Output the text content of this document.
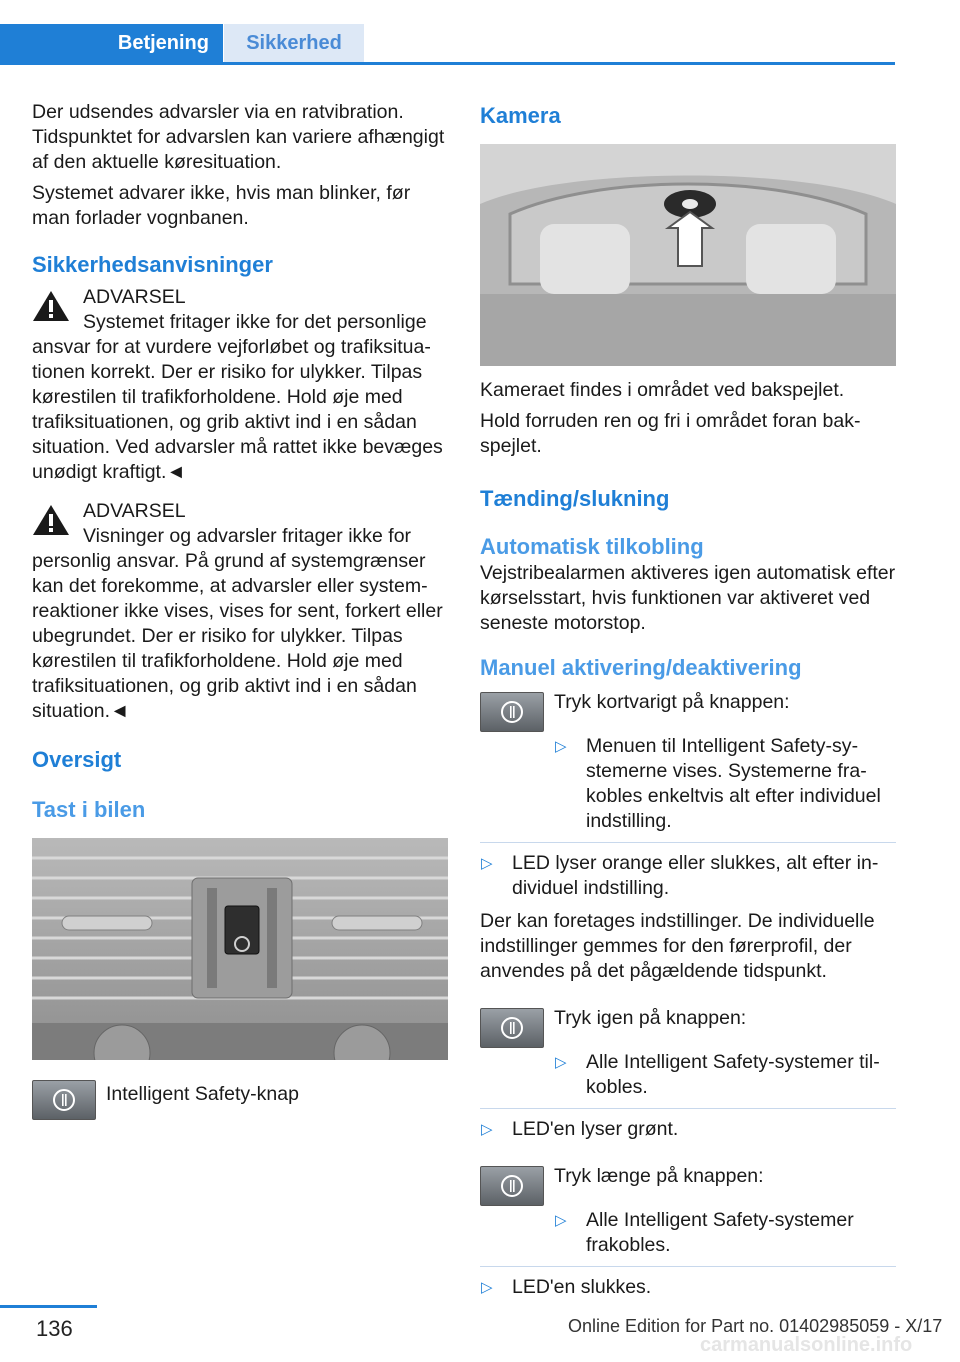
Betjening	Sikkerhed

Der udsendes advarsler via en ratvibration. Tidspunktet for advarslen kan variere afhængigt af den aktuelle køresituation.

Systemet advarer ikke, hvis man blinker, før man forlader vognbanen.

Sikkerhedsanvisninger
ADVARSEL
Systemet fritager ikke for det personlige ansvar for at vurdere vejforløbet og trafiksituationen korrekt. Der er risiko for ulykker. Tilpas kørestilen til trafikforholdene. Hold øje med trafiksituationen, og grib aktivt ind i en sådan situation. Ved advarsler må rattet ikke bevæges unødigt kraftigt.◄
ADVARSEL
Visninger og advarsler fritager ikke for personlig ansvar. På grund af systemgrænser kan det forekomme, at advarsler eller systemreaktioner ikke vises, vises for sent, forkert eller ubegrundet. Der er risiko for ulykker. Tilpas kørestilen til trafikforholdene. Hold øje med trafiksituationen, og grib aktivt ind i en sådan situation.◄
Oversigt
Tast i bilen
Intelligent Safety-knap
Kamera

Kameraet findes i området ved bakspejlet.

Hold forruden ren og fri i området foran bakspejlet.

Tænding/slukning
Automatisk tilkobling

Vejstribealarmen aktiveres igen automatisk efter kørselsstart, hvis funktionen var aktiveret ved seneste motorstop.

Manuel aktivering/deaktivering
Tryk kortvarigt på knappen:
▷ Menuen til Intelligent Safety-systemerne vises. Systemerne frakobles enkeltvis alt efter individuel indstilling.
▷ LED lyser orange eller slukkes, alt efter individuel indstilling.

Der kan foretages indstillinger. De individuelle indstillinger gemmes for den førerprofil, der anvendes på det pågældende tidspunkt.

Tryk igen på knappen:
▷ Alle Intelligent Safety-systemer tilkobles.
▷ LED'en lyser grønt.
Tryk længe på knappen:
▷ Alle Intelligent Safety-systemer frakobles.
▷ LED'en slukkes.
136	Online Edition for Part no. 01402985059 - X/17
carmanualsonline.info
